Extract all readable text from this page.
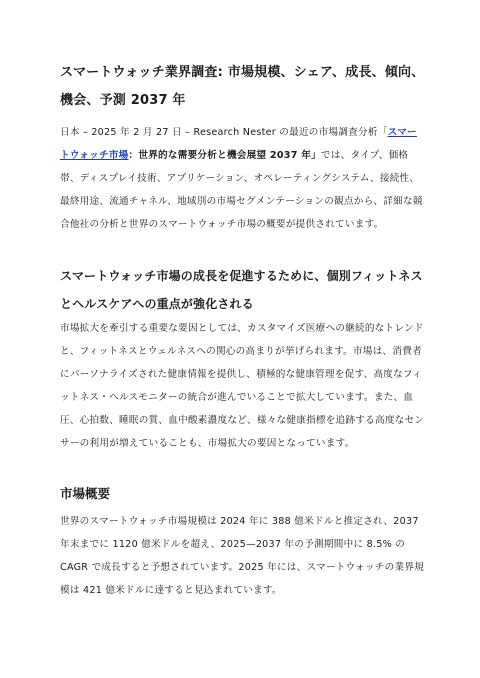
スマートウォッチ業界調査: 市場規模、シェア、成長、傾向、機会、予測 2037 年
日本 – 2025 年 2 月 27 日 – Research Nester の最近の市場調査分析「スマートウォッチ市場：世界的な需要分析と機会展望 2037 年」では、タイプ、価格帯、ディスプレイ技術、アプリケーション、オペレーティングシステム、接続性、最終用途、流通チャネル、地域別の市場セグメンテーションの観点から、詳細な競合他社の分析と世界のスマートウォッチ市場の概要が提供されています。
スマートウォッチ市場の成長を促進するために、個別フィットネスとヘルスケアへの重点が強化される
市場拡大を牽引する重要な要因としては、カスタマイズ医療への継続的なトレンドと、フィットネスとウェルネスへの関心の高まりが挙げられます。市場は、消費者にパーソナライズされた健康情報を提供し、積極的な健康管理を促す、高度なフィットネス・ヘルスモニターの統合が進んでいることで拡大しています。また、血圧、心拍数、睡眠の質、血中酸素濃度など、様々な健康指標を追跡する高度なセンサーの利用が増えていることも、市場拡大の要因となっています。
市場概要
世界のスマートウォッチ市場規模は 2024 年に 388 億米ドルと推定され、2037 年末までに 1120 億米ドルを超え、2025—2037 年の予測期間中に 8.5% の CAGR で成長すると予想されています。2025 年には、スマートウォッチの業界規模は 421 億米ドルに達すると見込まれています。
